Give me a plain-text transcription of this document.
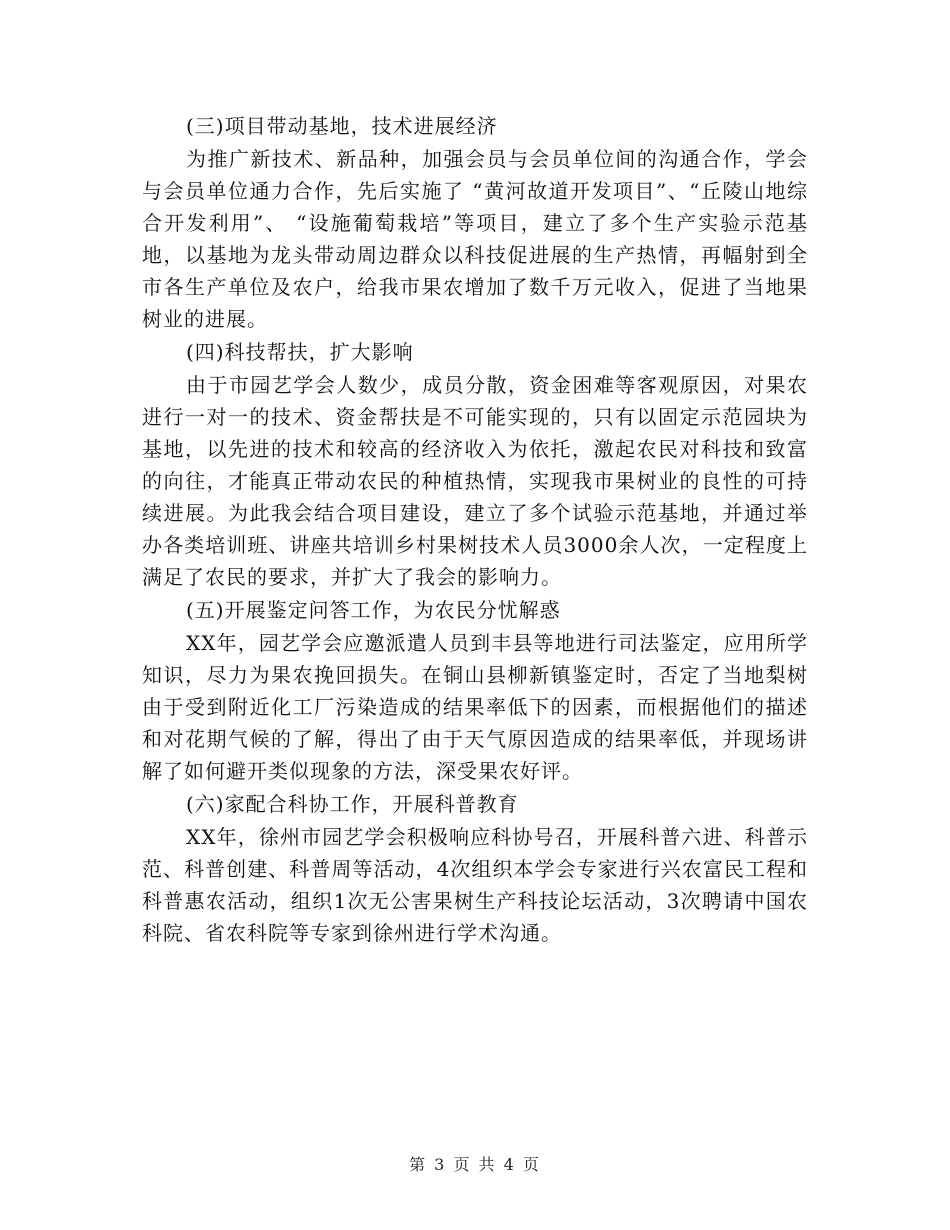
(三)项目带动基地，技术进展经济

为推广新技术、新品种，加强会员与会员单位间的沟通合作，学会与会员单位通力合作，先后实施了 “黄河故道开发项目”、“丘陵山地综合开发利用”、 “设施葡萄栽培”等项目，建立了多个生产实验示范基地，以基地为龙头带动周边群众以科技促进展的生产热情，再幅射到全市各生产单位及农户，给我市果农增加了数千万元收入，促进了当地果树业的进展。

(四)科技帮扶，扩大影响

由于市园艺学会人数少，成员分散，资金困难等客观原因，对果农进行一对一的技术、资金帮扶是不可能实现的，只有以固定示范园块为基地，以先进的技术和较高的经济收入为依托，激起农民对科技和致富的向往，才能真正带动农民的种植热情，实现我市果树业的良性的可持续进展。为此我会结合项目建设，建立了多个试验示范基地，并通过举办各类培训班、讲座共培训乡村果树技术人员3000余人次，一定程度上满足了农民的要求，并扩大了我会的影响力。

(五)开展鉴定问答工作，为农民分忧解惑

XX年，园艺学会应邀派遣人员到丰县等地进行司法鉴定，应用所学知识，尽力为果农挽回损失。在铜山县柳新镇鉴定时，否定了当地梨树由于受到附近化工厂污染造成的结果率低下的因素，而根据他们的描述和对花期气候的了解，得出了由于天气原因造成的结果率低，并现场讲解了如何避开类似现象的方法，深受果农好评。

(六)家配合科协工作，开展科普教育

XX年，徐州市园艺学会积极响应科协号召，开展科普六进、科普示范、科普创建、科普周等活动，4次组织本学会专家进行兴农富民工程和科普惠农活动，组织1次无公害果树生产科技论坛活动，3次聘请中国农科院、省农科院等专家到徐州进行学术沟通。

第 3 页 共 4 页
